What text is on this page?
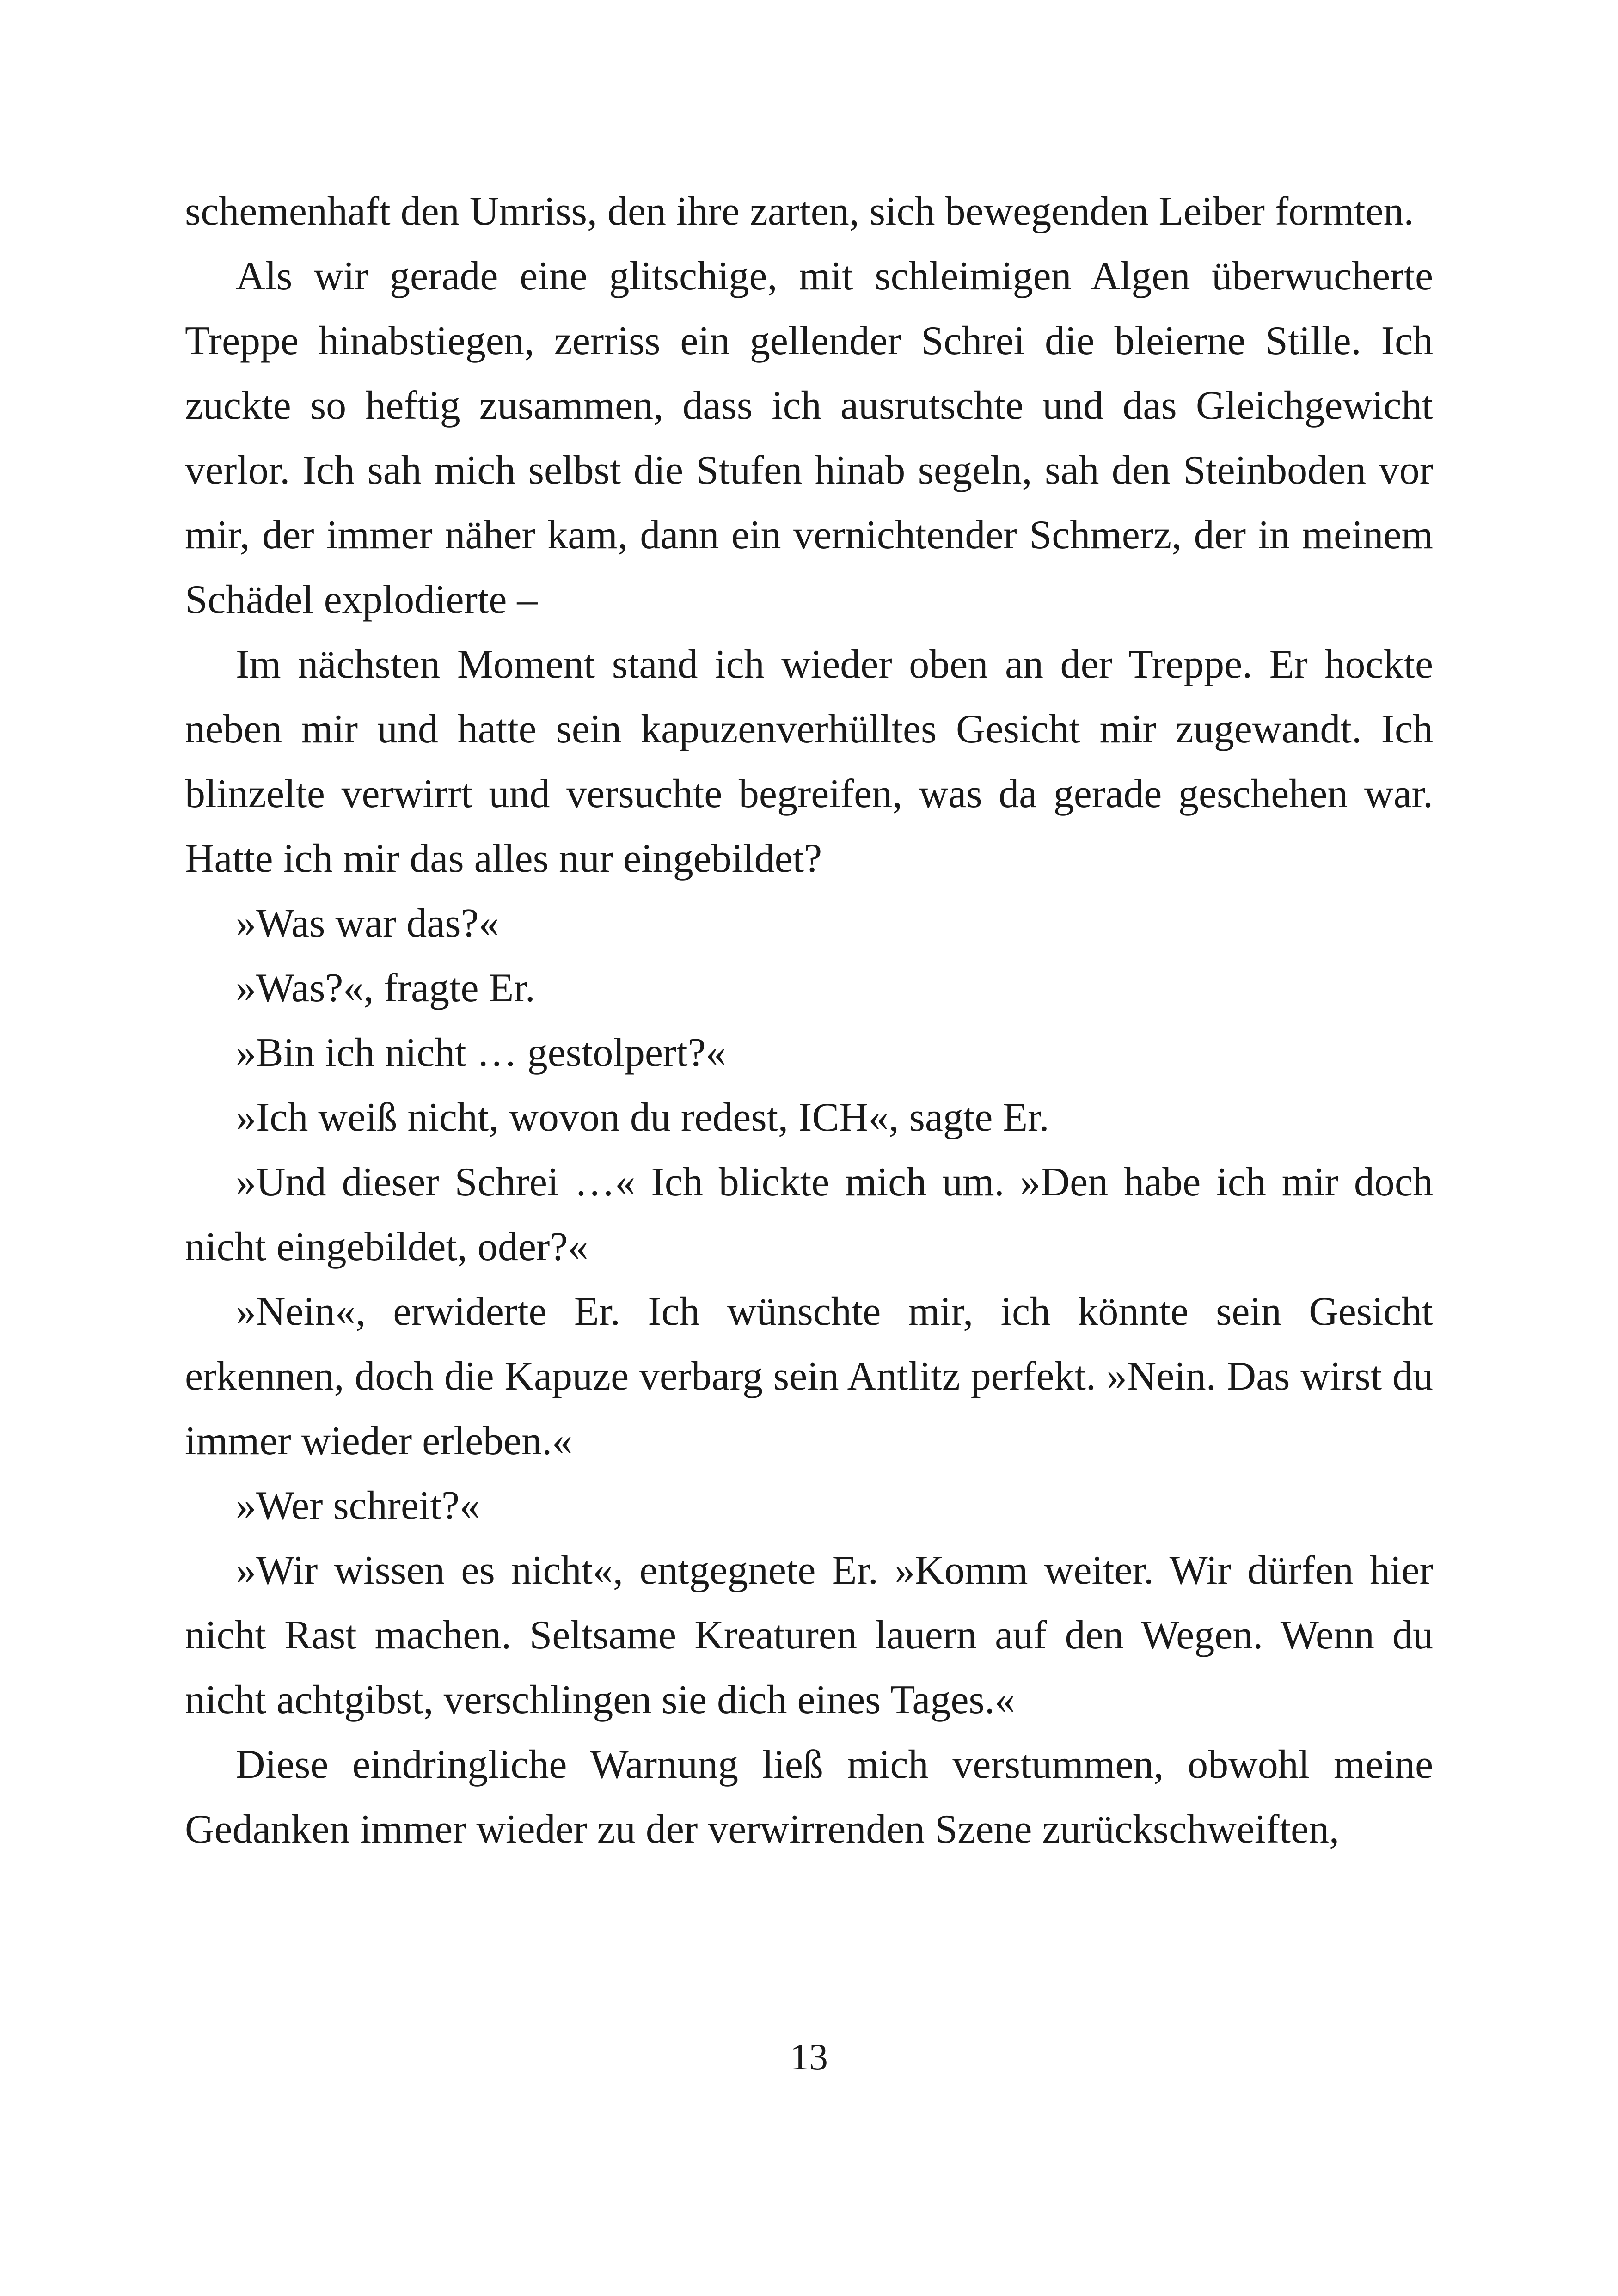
schemenhaft den Umriss, den ihre zarten, sich bewegenden Leiber formten.

Als wir gerade eine glitschige, mit schleimigen Algen überwucherte Treppe hinabstiegen, zerriss ein gellender Schrei die bleierne Stille. Ich zuckte so heftig zusammen, dass ich ausrutschte und das Gleichgewicht verlor. Ich sah mich selbst die Stufen hinab segeln, sah den Steinboden vor mir, der immer näher kam, dann ein vernichtender Schmerz, der in meinem Schädel explodierte –

Im nächsten Moment stand ich wieder oben an der Treppe. Er hockte neben mir und hatte sein kapuzenverhülltes Gesicht mir zugewandt. Ich blinzelte verwirrt und versuchte begreifen, was da gerade geschehen war. Hatte ich mir das alles nur eingebildet?

»Was war das?«

»Was?«, fragte Er.

»Bin ich nicht … gestolpert?«

»Ich weiß nicht, wovon du redest, ICH«, sagte Er.

»Und dieser Schrei …« Ich blickte mich um. »Den habe ich mir doch nicht eingebildet, oder?«

»Nein«, erwiderte Er. Ich wünschte mir, ich könnte sein Gesicht erkennen, doch die Kapuze verbarg sein Antlitz perfekt. »Nein. Das wirst du immer wieder erleben.«

»Wer schreit?«

»Wir wissen es nicht«, entgegnete Er. »Komm weiter. Wir dürfen hier nicht Rast machen. Seltsame Kreaturen lauern auf den Wegen. Wenn du nicht achtgibst, verschlingen sie dich eines Tages.«

Diese eindringliche Warnung ließ mich verstummen, obwohl meine Gedanken immer wieder zu der verwirrenden Szene zurückschweiften,

13
